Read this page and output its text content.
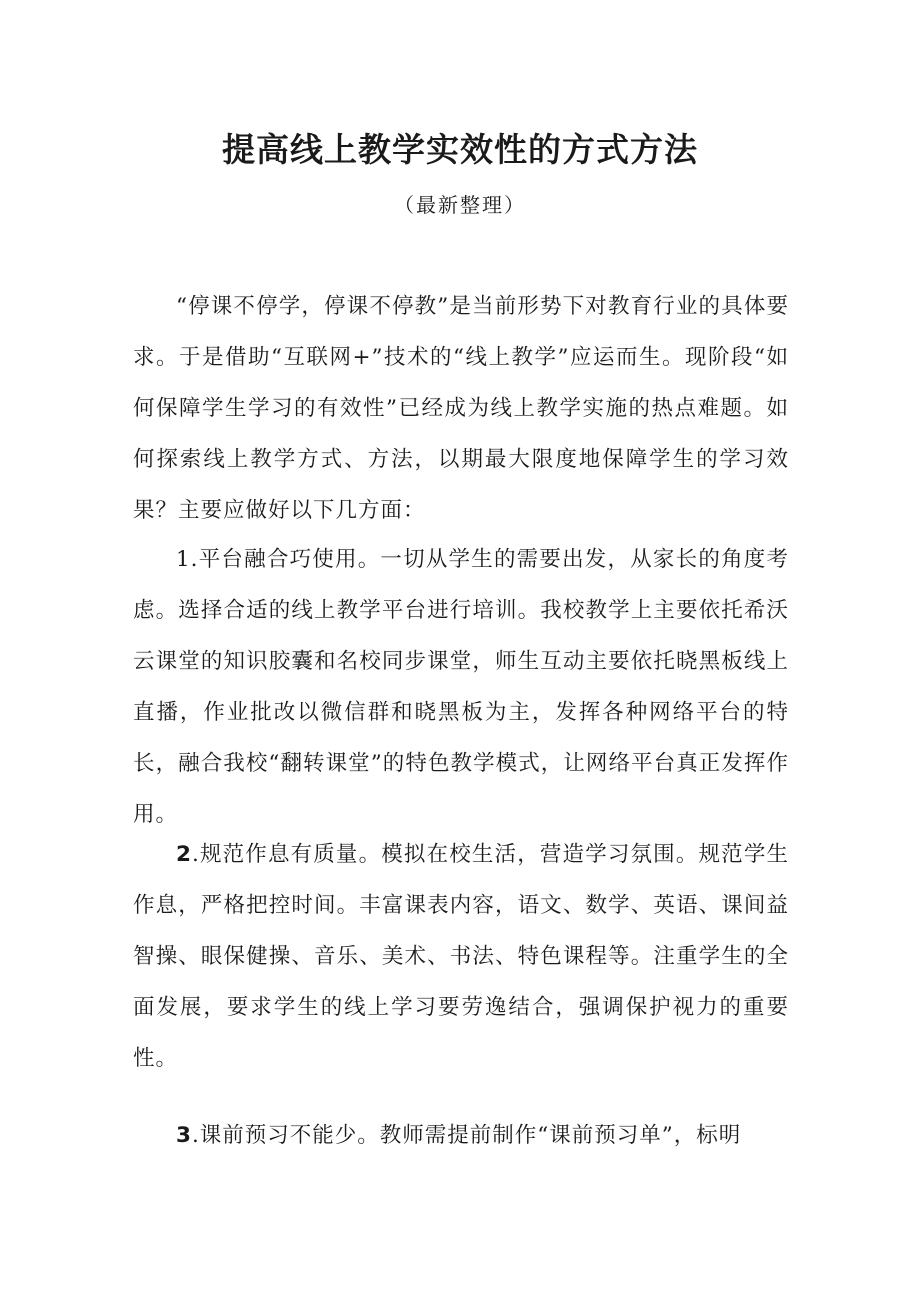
提高线上教学实效性的方式方法

（最新整理）

“停课不停学，停课不停教”是当前形势下对教育行业的具体要求。于是借助“互联网+”技术的“线上教学”应运而生。现阶段“如何保障学生学习的有效性”已经成为线上教学实施的热点难题。如何探索线上教学方式、方法，以期最大限度地保障学生的学习效果？主要应做好以下几方面：

1.平台融合巧使用。一切从学生的需要出发，从家长的角度考虑。选择合适的线上教学平台进行培训。我校教学上主要依托希沃云课堂的知识胶囊和名校同步课堂，师生互动主要依托晓黑板线上直播，作业批改以微信群和晓黑板为主，发挥各种网络平台的特长，融合我校“翻转课堂”的特色教学模式，让网络平台真正发挥作用。

2.规范作息有质量。模拟在校生活，营造学习氛围。规范学生作息，严格把控时间。丰富课表内容，语文、数学、英语、课间益智操、眼保健操、音乐、美术、书法、特色课程等。注重学生的全面发展，要求学生的线上学习要劳逸结合，强调保护视力的重要性。

3.课前预习不能少。教师需提前制作“课前预习单”，标明
